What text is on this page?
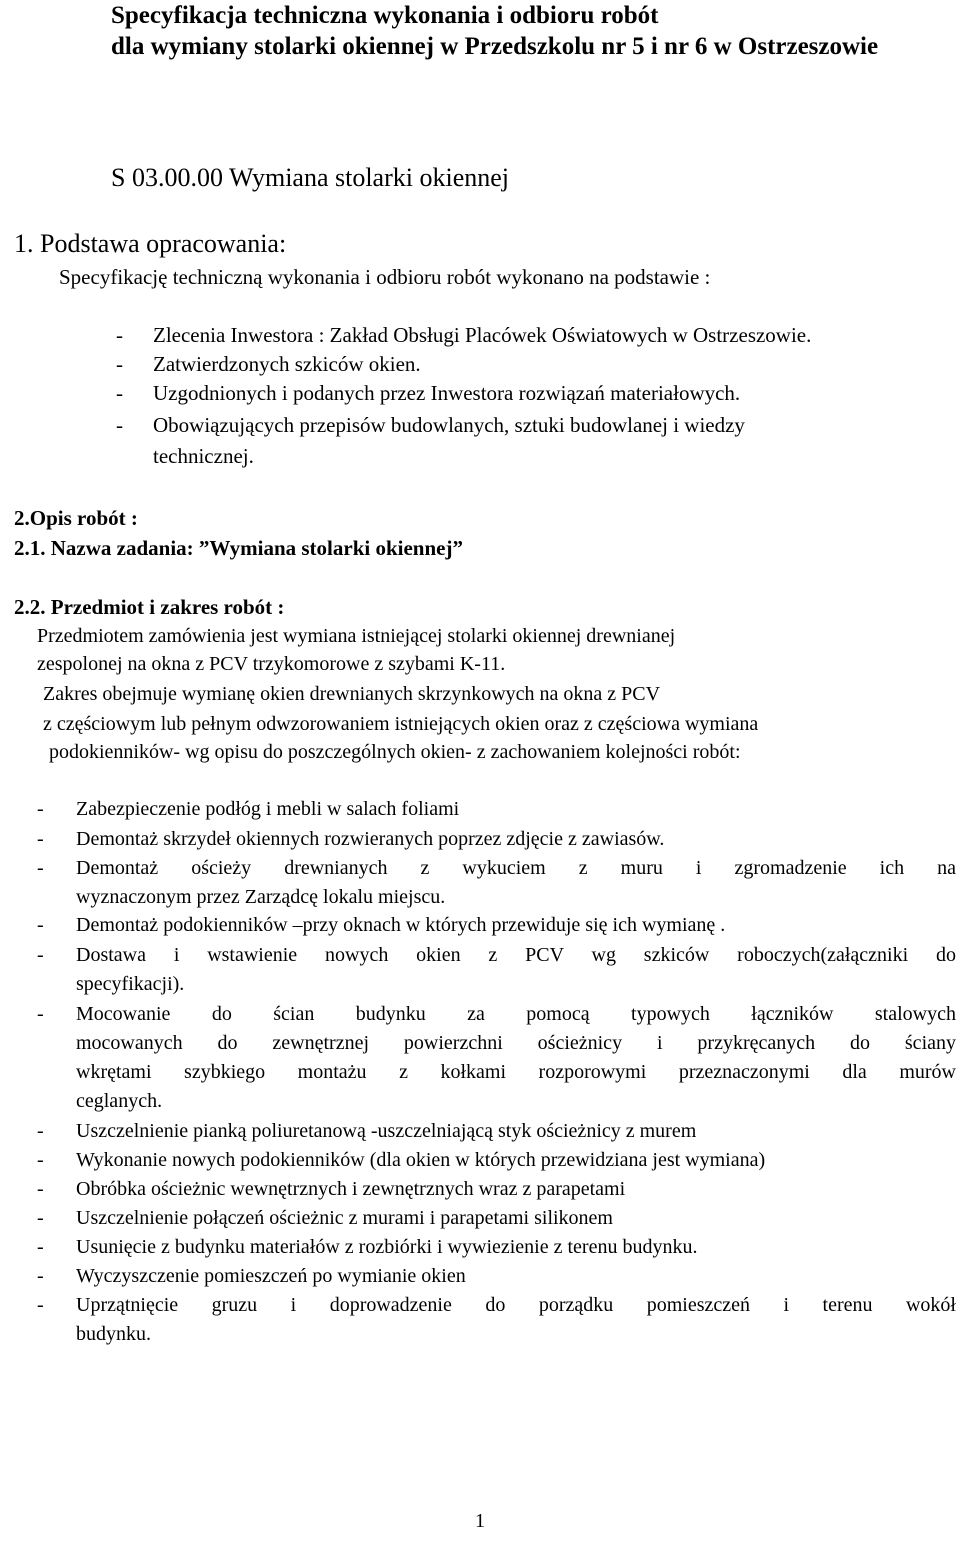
Specyfikacja techniczna wykonania i odbioru robót
dla wymiany stolarki okiennej w Przedszkolu nr 5 i nr 6 w Ostrzeszowie
S 03.00.00 Wymiana stolarki okiennej
1. Podstawa opracowania:
Specyfikację techniczną wykonania i odbioru robót wykonano na podstawie :
- Zlecenia Inwestora : Zakład Obsługi Placówek Oświatowych w Ostrzeszowie.
- Zatwierdzonych szkiców okien.
- Uzgodnionych i podanych przez Inwestora rozwiązań materiałowych.
- Obowiązujących przepisów budowlanych, sztuki budowlanej i wiedzy
technicznej.
2.Opis robót :
2.1. Nazwa zadania: ”Wymiana stolarki okiennej”
2.2. Przedmiot i zakres robót :
Przedmiotem zamówienia jest wymiana istniejącej stolarki okiennej drewnianej
zespolonej na okna z PCV trzykomorowe z szybami K-11.
Zakres obejmuje wymianę okien drewnianych skrzynkowych na okna z PCV
z częściowym lub pełnym odwzorowaniem istniejących okien oraz z częściowa wymiana
podokienników- wg opisu do poszczególnych okien- z zachowaniem kolejności robót:
- Zabezpieczenie podłóg i mebli w salach foliami
- Demontaż skrzydeł okiennych rozwieranych poprzez zdjęcie z zawiasów.
- Demontaż ościeży drewnianych z wykuciem z muru i zgromadzenie ich na
wyznaczonym przez Zarządcę lokalu miejscu.
- Demontaż podokienników –przy oknach w których przewiduje się ich wymianę .
- Dostawa i wstawienie nowych okien z PCV wg szkiców roboczych(załączniki do
specyfikacji).
- Mocowanie do ścian budynku za pomocą typowych łączników stalowych
mocowanych do zewnętrznej powierzchni ościeżnicy i przykręcanych do ściany
wkrętami szybkiego montażu z kołkami rozporowymi przeznaczonymi dla murów
ceglanych.
- Uszczelnienie pianką poliuretanową -uszczelniającą styk ościeżnicy z murem
- Wykonanie nowych podokienników (dla okien w których przewidziana jest wymiana)
- Obróbka ościeżnic wewnętrznych i zewnętrznych wraz z parapetami
- Uszczelnienie połączeń ościeżnic z murami i parapetami silikonem
- Usunięcie z budynku materiałów z rozbiórki i wywiezienie z terenu budynku.
- Wyczyszczenie pomieszczeń po wymianie okien
- Uprzątnięcie gruzu i doprowadzenie do porządku pomieszczeń i terenu wokół
budynku.
1
